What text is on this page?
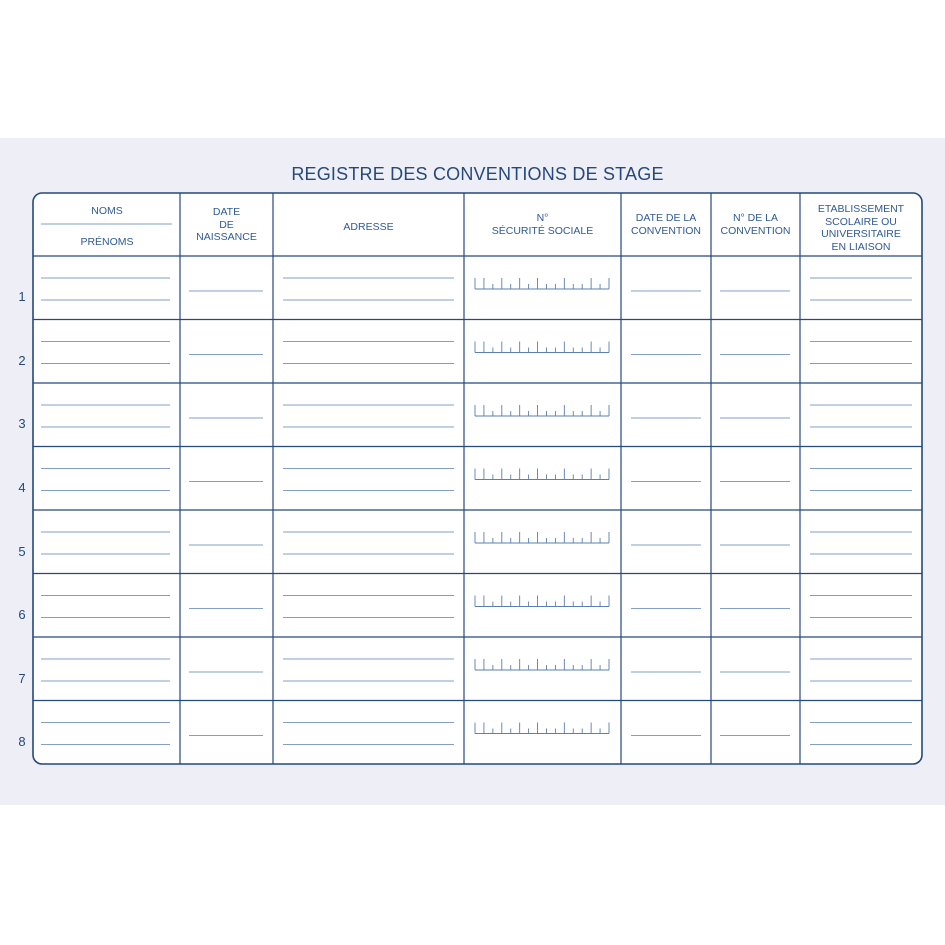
REGISTRE DES CONVENTIONS DE STAGE
NOMS
PRÉNOMS
DATE
DE
NAISSANCE
ADRESSE
N°
SÉCURITÉ SOCIALE
DATE DE LA
CONVENTION
N° DE LA
CONVENTION
ETABLISSEMENT
SCOLAIRE OU
UNIVERSITAIRE
EN LIAISON
1
2
3
4
5
6
7
8
